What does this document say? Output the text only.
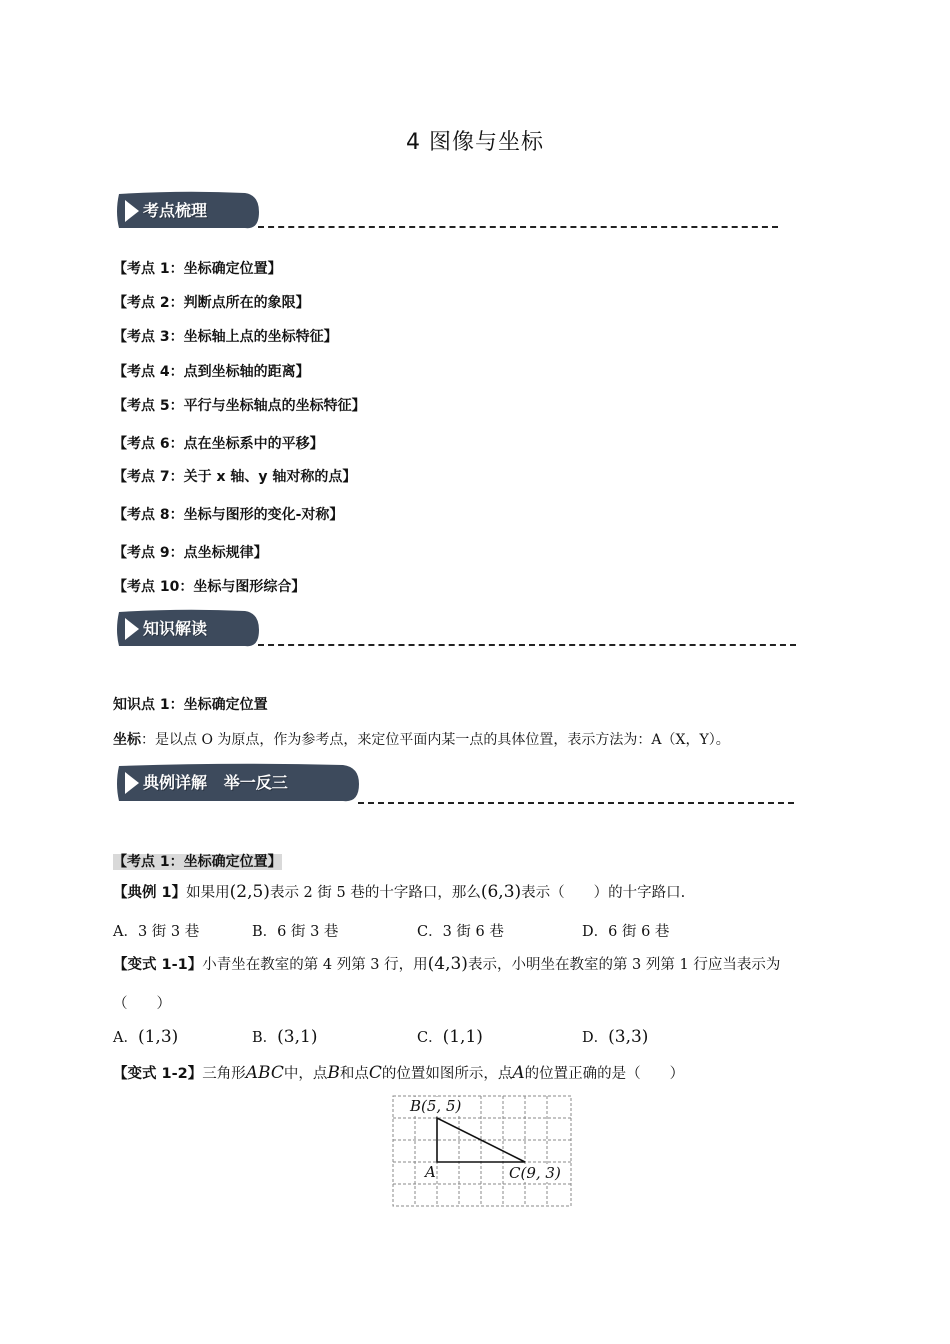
4 图像与坐标
考点梳理
【考点 1：坐标确定位置】
【考点 2：判断点所在的象限】
【考点 3：坐标轴上点的坐标特征】
【考点 4：点到坐标轴的距离】
【考点 5：平行与坐标轴点的坐标特征】
【考点 6：点在坐标系中的平移】
【考点 7：关于 x 轴、y 轴对称的点】
【考点 8：坐标与图形的变化-对称】
【考点 9：点坐标规律】
【考点 10：坐标与图形综合】
知识解读
知识点 1：坐标确定位置
坐标：是以点 O 为原点，作为参考点，来定位平面内某一点的具体位置，表示方法为：A（X，Y）。
典例详解   举一反三
【考点 1：坐标确定位置】
【典例 1】如果用(2,5)表示 2 街 5 巷的十字路口，那么(6,3)表示（　　）的十字路口.
A．3 街 3 巷	B．6 街 3 巷	C．3 街 6 巷	D．6 街 6 巷
【变式 1-1】小青坐在教室的第 4 列第 3 行，用(4,3)表示，小明坐在教室的第 3 列第 1 行应当表示为
（　　）
A．(1,3)	B．(3,1)	C．(1,1)	D．(3,3)
【变式 1-2】三角形ABC中，点B和点C的位置如图所示，点A的位置正确的是（　　）
B(5, 5)
A	C(9, 3)
